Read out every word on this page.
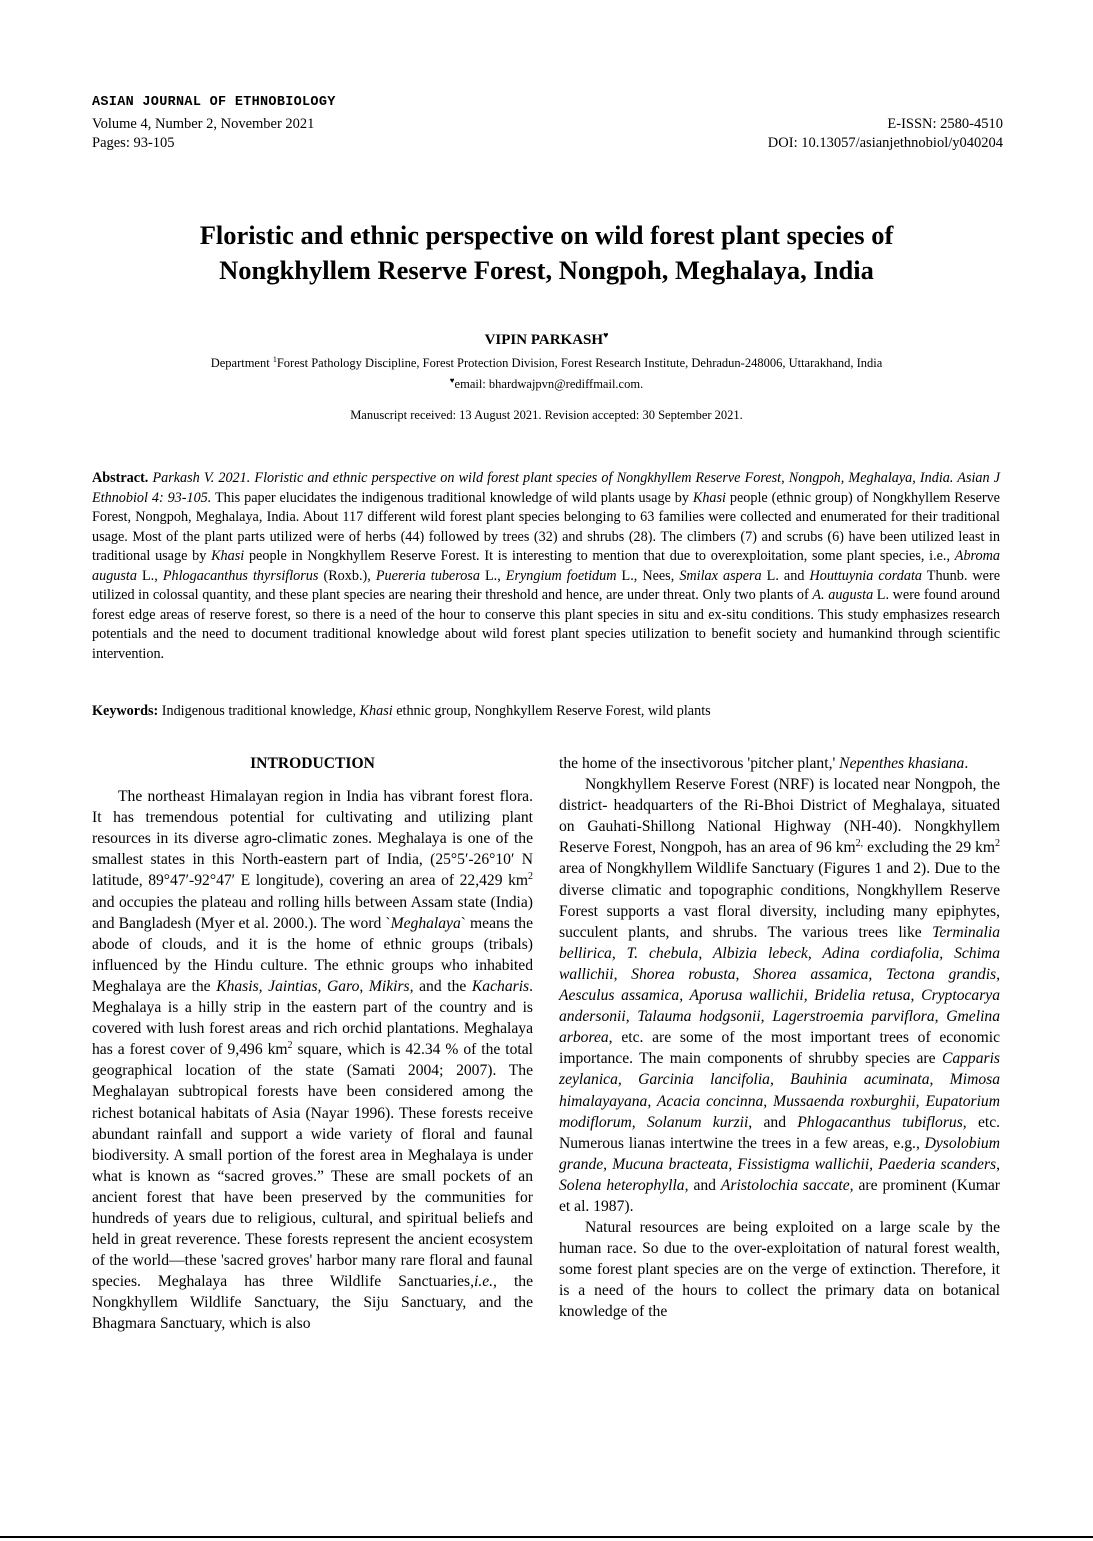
ASIAN JOURNAL OF ETHNOBIOLOGY
Volume 4, Number 2, November 2021
Pages: 93-105
E-ISSN: 2580-4510
DOI: 10.13057/asianjethnobiol/y040204
Floristic and ethnic perspective on wild forest plant species of
Nongkhyllem Reserve Forest, Nongpoh, Meghalaya, India
VIPIN PARKASH♥
Department $^1$Forest Pathology Discipline, Forest Protection Division, Forest Research Institute, Dehradun-248006, Uttarakhand, India
♥email: bhardwajpvn@rediffmail.com.
Manuscript received: 13 August 2021. Revision accepted: 30 September 2021.
Abstract. Parkash V. 2021. Floristic and ethnic perspective on wild forest plant species of Nongkhyllem Reserve Forest, Nongpoh, Meghalaya, India. Asian J Ethnobiol 4: 93-105. This paper elucidates the indigenous traditional knowledge of wild plants usage by Khasi people (ethnic group) of Nongkhyllem Reserve Forest, Nongpoh, Meghalaya, India. About 117 different wild forest plant species belonging to 63 families were collected and enumerated for their traditional usage. Most of the plant parts utilized were of herbs (44) followed by trees (32) and shrubs (28). The climbers (7) and scrubs (6) have been utilized least in traditional usage by Khasi people in Nongkhyllem Reserve Forest. It is interesting to mention that due to overexploitation, some plant species, i.e., Abroma augusta L., Phlogacanthus thyrsiflorus (Roxb.), Puereria tuberosa L., Eryngium foetidum L., Nees, Smilax aspera L. and Houttuynia cordata Thunb. were utilized in colossal quantity, and these plant species are nearing their threshold and hence, are under threat. Only two plants of A. augusta L. were found around forest edge areas of reserve forest, so there is a need of the hour to conserve this plant species in situ and ex-situ conditions. This study emphasizes research potentials and the need to document traditional knowledge about wild forest plant species utilization to benefit society and humankind through scientific intervention.
Keywords: Indigenous traditional knowledge, Khasi ethnic group, Nonghkyllem Reserve Forest, wild plants
INTRODUCTION

The northeast Himalayan region in India has vibrant forest flora. It has tremendous potential for cultivating and utilizing plant resources in its diverse agro-climatic zones. Meghalaya is one of the smallest states in this North-eastern part of India, (25°5′-26°10′ N latitude, 89°47′-92°47′ E longitude), covering an area of 22,429 $km^2$ and occupies the plateau and rolling hills between Assam state (India) and Bangladesh (Myer et al. 2000.). The word `Meghalaya` means the abode of clouds, and it is the home of ethnic groups (tribals) influenced by the Hindu culture. The ethnic groups who inhabited Meghalaya are the Khasis, Jaintias, Garo, Mikirs, and the Kacharis. Meghalaya is a hilly strip in the eastern part of the country and is covered with lush forest areas and rich orchid plantations. Meghalaya has a forest cover of 9,496 $km^2$ square, which is 42.34 % of the total geographical location of the state (Samati 2004; 2007). The Meghalayan subtropical forests have been considered among the richest botanical habitats of Asia (Nayar 1996). These forests receive abundant rainfall and support a wide variety of floral and faunal biodiversity. A small portion of the forest area in Meghalaya is under what is known as “sacred groves.” These are small pockets of an ancient forest that have been preserved by the communities for hundreds of years due to religious, cultural, and spiritual beliefs and held in great reverence. These forests represent the ancient ecosystem of the world—these 'sacred groves' harbor many rare floral and faunal species. Meghalaya has three Wildlife Sanctuaries,i.e., the Nongkhyllem Wildlife Sanctuary, the Siju Sanctuary, and the Bhagmara Sanctuary, which is also

the home of the insectivorous 'pitcher plant,' Nepenthes khasiana.

Nongkhyllem Reserve Forest (NRF) is located near Nongpoh, the district- headquarters of the Ri-Bhoi District of Meghalaya, situated on Gauhati-Shillong National Highway (NH-40). Nongkhyllem Reserve Forest, Nongpoh, has an area of 96 $km^{2,}$ excluding the 29 $km^2$ area of Nongkhyllem Wildlife Sanctuary (Figures 1 and 2). Due to the diverse climatic and topographic conditions, Nongkhyllem Reserve Forest supports a vast floral diversity, including many epiphytes, succulent plants, and shrubs. The various trees like Terminalia bellirica, T. chebula, Albizia lebeck, Adina cordiafolia, Schima wallichii, Shorea robusta, Shorea assamica, Tectona grandis, Aesculus assamica, Aporusa wallichii, Bridelia retusa, Cryptocarya andersonii, Talauma hodgsonii, Lagerstroemia parviflora, Gmelina arborea, etc. are some of the most important trees of economic importance. The main components of shrubby species are Capparis zeylanica, Garcinia lancifolia, Bauhinia acuminata, Mimosa himalayayana, Acacia concinna, Mussaenda roxburghii, Eupatorium modiflorum, Solanum kurzii, and Phlogacanthus tubiflorus, etc. Numerous lianas intertwine the trees in a few areas, e.g., Dysolobium grande, Mucuna bracteata, Fissistigma wallichii, Paederia scanders, Solena heterophylla, and Aristolochia saccate, are prominent (Kumar et al. 1987).

Natural resources are being exploited on a large scale by the human race. So due to the over-exploitation of natural forest wealth, some forest plant species are on the verge of extinction. Therefore, it is a need of the hours to collect the primary data on botanical knowledge of the
